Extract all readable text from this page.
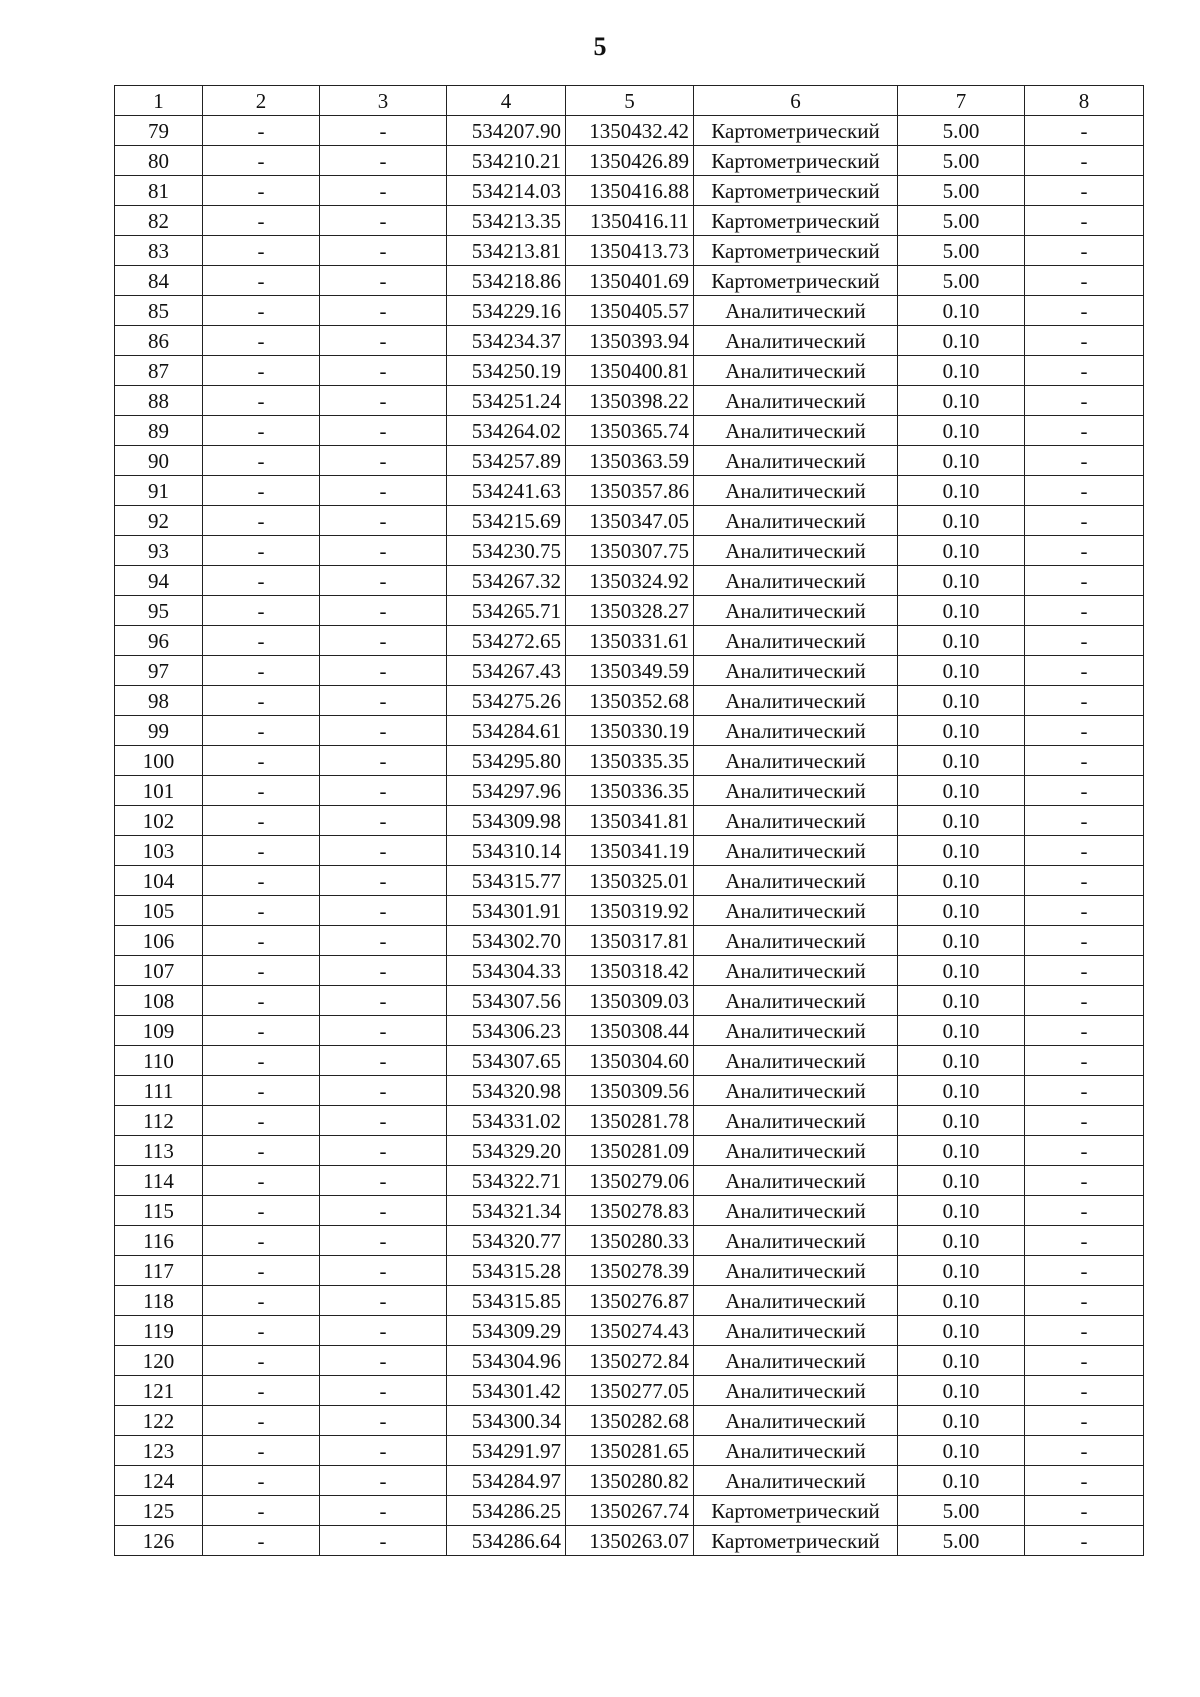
5
1	2	3	4	5	6	7	8
79	-	-	534207.90	1350432.42	Картометрический	5.00	-
80	-	-	534210.21	1350426.89	Картометрический	5.00	-
81	-	-	534214.03	1350416.88	Картометрический	5.00	-
82	-	-	534213.35	1350416.11	Картометрический	5.00	-
83	-	-	534213.81	1350413.73	Картометрический	5.00	-
84	-	-	534218.86	1350401.69	Картометрический	5.00	-
85	-	-	534229.16	1350405.57	Аналитический	0.10	-
86	-	-	534234.37	1350393.94	Аналитический	0.10	-
87	-	-	534250.19	1350400.81	Аналитический	0.10	-
88	-	-	534251.24	1350398.22	Аналитический	0.10	-
89	-	-	534264.02	1350365.74	Аналитический	0.10	-
90	-	-	534257.89	1350363.59	Аналитический	0.10	-
91	-	-	534241.63	1350357.86	Аналитический	0.10	-
92	-	-	534215.69	1350347.05	Аналитический	0.10	-
93	-	-	534230.75	1350307.75	Аналитический	0.10	-
94	-	-	534267.32	1350324.92	Аналитический	0.10	-
95	-	-	534265.71	1350328.27	Аналитический	0.10	-
96	-	-	534272.65	1350331.61	Аналитический	0.10	-
97	-	-	534267.43	1350349.59	Аналитический	0.10	-
98	-	-	534275.26	1350352.68	Аналитический	0.10	-
99	-	-	534284.61	1350330.19	Аналитический	0.10	-
100	-	-	534295.80	1350335.35	Аналитический	0.10	-
101	-	-	534297.96	1350336.35	Аналитический	0.10	-
102	-	-	534309.98	1350341.81	Аналитический	0.10	-
103	-	-	534310.14	1350341.19	Аналитический	0.10	-
104	-	-	534315.77	1350325.01	Аналитический	0.10	-
105	-	-	534301.91	1350319.92	Аналитический	0.10	-
106	-	-	534302.70	1350317.81	Аналитический	0.10	-
107	-	-	534304.33	1350318.42	Аналитический	0.10	-
108	-	-	534307.56	1350309.03	Аналитический	0.10	-
109	-	-	534306.23	1350308.44	Аналитический	0.10	-
110	-	-	534307.65	1350304.60	Аналитический	0.10	-
111	-	-	534320.98	1350309.56	Аналитический	0.10	-
112	-	-	534331.02	1350281.78	Аналитический	0.10	-
113	-	-	534329.20	1350281.09	Аналитический	0.10	-
114	-	-	534322.71	1350279.06	Аналитический	0.10	-
115	-	-	534321.34	1350278.83	Аналитический	0.10	-
116	-	-	534320.77	1350280.33	Аналитический	0.10	-
117	-	-	534315.28	1350278.39	Аналитический	0.10	-
118	-	-	534315.85	1350276.87	Аналитический	0.10	-
119	-	-	534309.29	1350274.43	Аналитический	0.10	-
120	-	-	534304.96	1350272.84	Аналитический	0.10	-
121	-	-	534301.42	1350277.05	Аналитический	0.10	-
122	-	-	534300.34	1350282.68	Аналитический	0.10	-
123	-	-	534291.97	1350281.65	Аналитический	0.10	-
124	-	-	534284.97	1350280.82	Аналитический	0.10	-
125	-	-	534286.25	1350267.74	Картометрический	5.00	-
126	-	-	534286.64	1350263.07	Картометрический	5.00	-
